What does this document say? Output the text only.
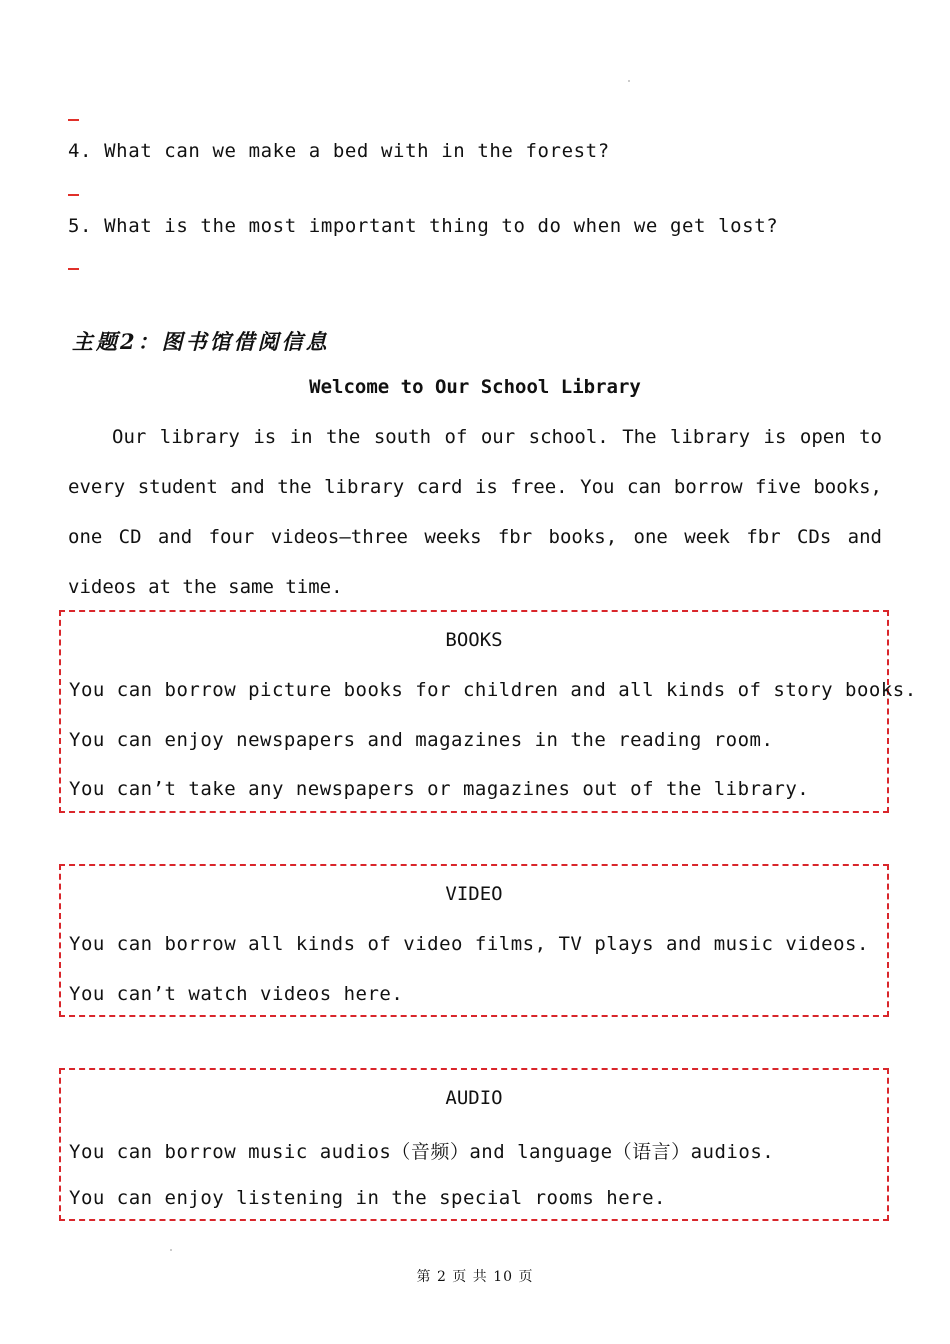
4. What can we make a bed with in the forest?
5. What is the most important thing to do when we get lost?
主题2：图书馆借阅信息
Welcome to Our School Library
Our library is in the south of our school. The library is open to
every student and the library card is free. You can borrow five books,
one CD and four videos—three weeks fbr books, one week fbr CDs and
videos at the same time.
BOOKS
You can borrow picture books for children and all kinds of story books.
You can enjoy newspapers and magazines in the reading room.
You can’t take any newspapers or magazines out of the library.
VIDEO
You can borrow all kinds of video films, TV plays and music videos.
You can’t watch videos here.
AUDIO
You can borrow music audios（音频）and language（语言）audios.
You can enjoy listening in the special rooms here.
第 2 页 共 10 页
